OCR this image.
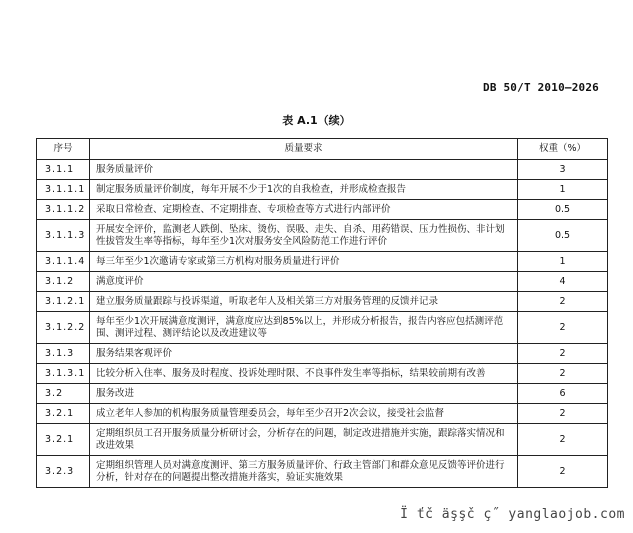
DB 50/T 2010—2026
表 A.1（续）
序号	质量要求	权重（%）
3.1.1	服务质量评价	3
3.1.1.1	制定服务质量评价制度，每年开展不少于1次的自我检查，并形成检查报告	1
3.1.1.2	采取日常检查、定期检查、不定期排查、专项检查等方式进行内部评价	0.5
3.1.1.3	开展安全评价，监测老人跌倒、坠床、烫伤、误吸、走失、自杀、用药错误、压力性损伤、非计划性拔管发生率等指标，每年至少1次对服务安全风险防范工作进行评价	0.5
3.1.1.4	每三年至少1次邀请专家或第三方机构对服务质量进行评价	1
3.1.2	满意度评价	4
3.1.2.1	建立服务质量跟踪与投诉渠道，听取老年人及相关第三方对服务管理的反馈并记录	2
3.1.2.2	每年至少1次开展满意度测评，满意度应达到85%以上，并形成分析报告，报告内容应包括测评范围、测评过程、测评结论以及改进建议等	2
3.1.3	服务结果客观评价	2
3.1.3.1	比较分析入住率、服务及时程度、投诉处理时限、不良事件发生率等指标，结果较前期有改善	2
3.2	服务改进	6
3.2.1	成立老年人参加的机构服务质量管理委员会，每年至少召开2次会议，接受社会监督	2
3.2.1	定期组织员工召开服务质量分析研讨会，分析存在的问题，制定改进措施并实施，跟踪落实情况和改进效果	2
3.2.3	定期组织管理人员对满意度测评、第三方服务质量评价、行政主管部门和群众意见反馈等评价进行分析，针对存在的问题提出整改措施并落实，验证实施效果	2
Ï ťč äşşč ç˝ yanglaojob.com
